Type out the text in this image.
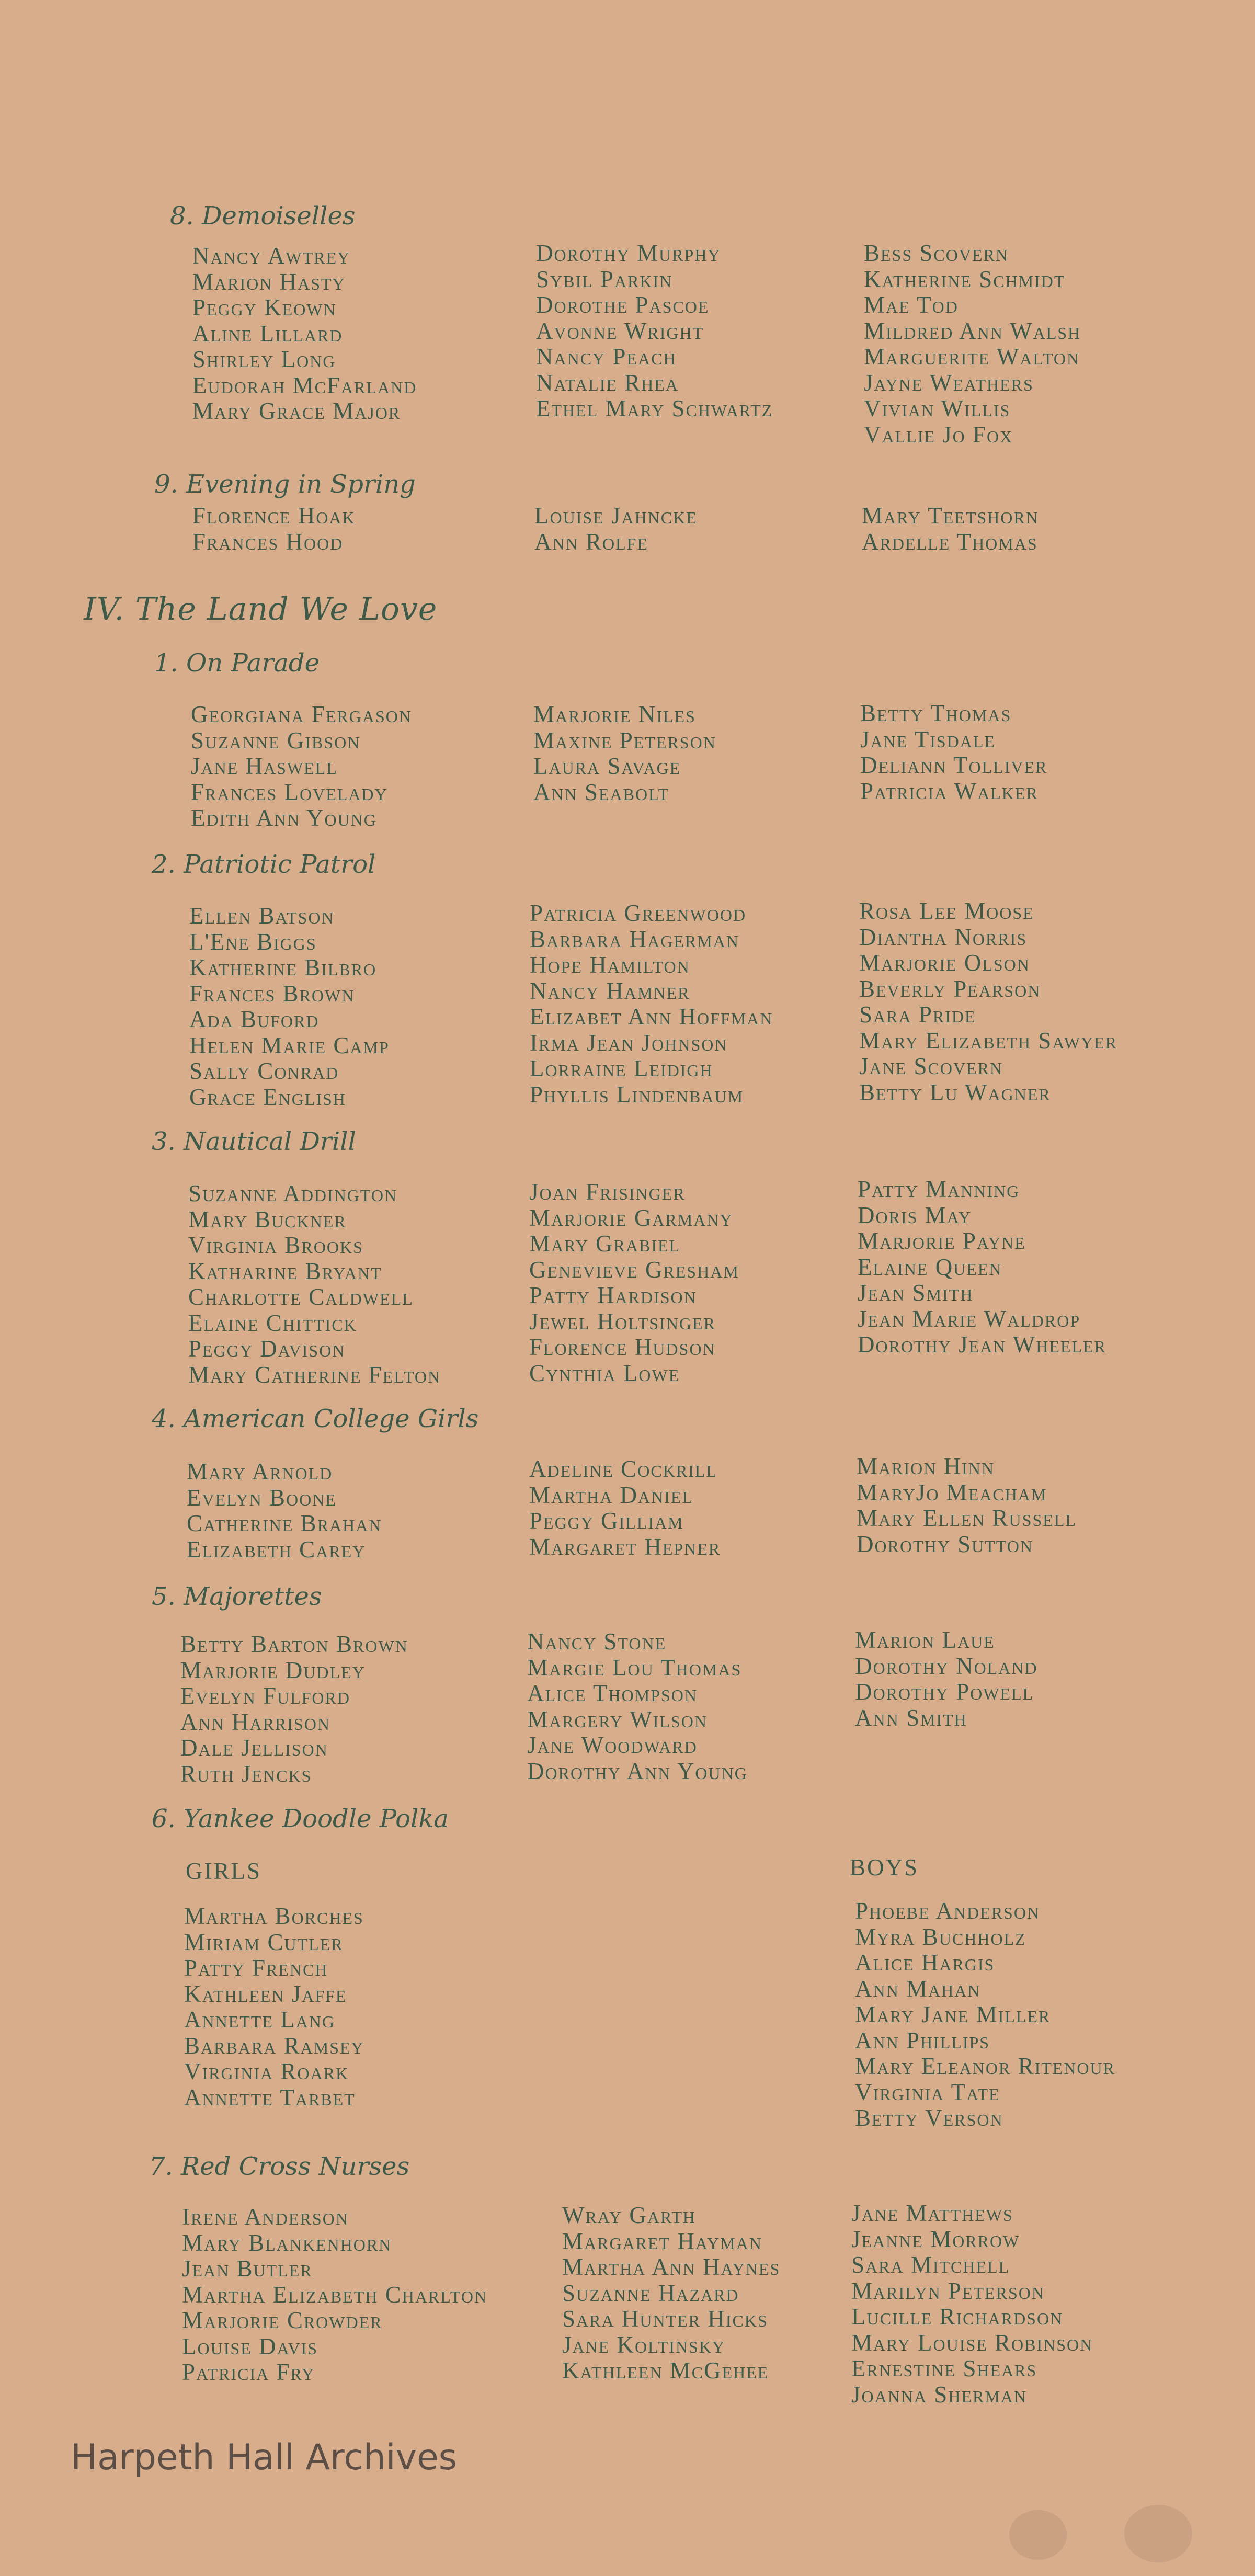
8. Demoiselles
Nancy Awtrey
Marion Hasty
Peggy Keown
Aline Lillard
Shirley Long
Eudorah McFarland
Mary Grace Major
Dorothy Murphy
Sybil Parkin
Dorothe Pascoe
Avonne Wright
Nancy Peach
Natalie Rhea
Ethel Mary Schwartz
Bess Scovern
Katherine Schmidt
Mae Tod
Mildred Ann Walsh
Marguerite Walton
Jayne Weathers
Vivian Willis
Vallie Jo Fox
9. Evening in Spring
Florence Hoak
Frances Hood
Louise Jahncke
Ann Rolfe
Mary Teetshorn
Ardelle Thomas
IV. The Land We Love
1. On Parade
Georgiana Fergason
Suzanne Gibson
Jane Haswell
Frances Lovelady
Edith Ann Young
Marjorie Niles
Maxine Peterson
Laura Savage
Ann Seabolt
Betty Thomas
Jane Tisdale
Deliann Tolliver
Patricia Walker
2. Patriotic Patrol
Ellen Batson
L'Ene Biggs
Katherine Bilbro
Frances Brown
Ada Buford
Helen Marie Camp
Sally Conrad
Grace English
Patricia Greenwood
Barbara Hagerman
Hope Hamilton
Nancy Hamner
Elizabet Ann Hoffman
Irma Jean Johnson
Lorraine Leidigh
Phyllis Lindenbaum
Rosa Lee Moose
Diantha Norris
Marjorie Olson
Beverly Pearson
Sara Pride
Mary Elizabeth Sawyer
Jane Scovern
Betty Lu Wagner
3. Nautical Drill
Suzanne Addington
Mary Buckner
Virginia Brooks
Katharine Bryant
Charlotte Caldwell
Elaine Chittick
Peggy Davison
Mary Catherine Felton
Joan Frisinger
Marjorie Garmany
Mary Grabiel
Genevieve Gresham
Patty Hardison
Jewel Holtsinger
Florence Hudson
Cynthia Lowe
Patty Manning
Doris May
Marjorie Payne
Elaine Queen
Jean Smith
Jean Marie Waldrop
Dorothy Jean Wheeler
4. American College Girls
Mary Arnold
Evelyn Boone
Catherine Brahan
Elizabeth Carey
Adeline Cockrill
Martha Daniel
Peggy Gilliam
Margaret Hepner
Marion Hinn
MaryJo Meacham
Mary Ellen Russell
Dorothy Sutton
5. Majorettes
Betty Barton Brown
Marjorie Dudley
Evelyn Fulford
Ann Harrison
Dale Jellison
Ruth Jencks
Nancy Stone
Margie Lou Thomas
Alice Thompson
Margery Wilson
Jane Woodward
Dorothy Ann Young
Marion Laue
Dorothy Noland
Dorothy Powell
Ann Smith
6. Yankee Doodle Polka
GIRLS	BOYS
Martha Borches
Miriam Cutler
Patty French
Kathleen Jaffe
Annette Lang
Barbara Ramsey
Virginia Roark
Annette Tarbet
Phoebe Anderson
Myra Buchholz
Alice Hargis
Ann Mahan
Mary Jane Miller
Ann Phillips
Mary Eleanor Ritenour
Virginia Tate
Betty Verson
7. Red Cross Nurses
Irene Anderson
Mary Blankenhorn
Jean Butler
Martha Elizabeth Charlton
Marjorie Crowder
Louise Davis
Patricia Fry
Wray Garth
Margaret Hayman
Martha Ann Haynes
Suzanne Hazard
Sara Hunter Hicks
Jane Koltinsky
Kathleen McGehee
Jane Matthews
Jeanne Morrow
Sara Mitchell
Marilyn Peterson
Lucille Richardson
Mary Louise Robinson
Ernestine Shears
Joanna Sherman
Harpeth Hall Archives
